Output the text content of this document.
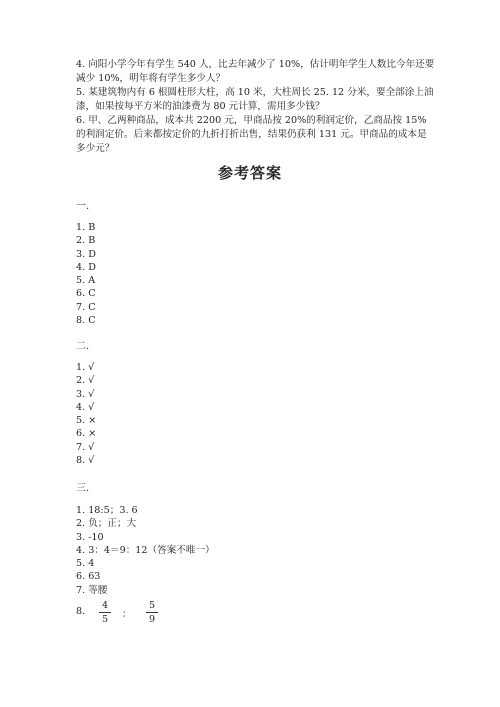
4. 向阳小学今年有学生 540 人，比去年减少了 10%，估计明年学生人数比今年还要减少 10%，明年将有学生多少人？

5. 某建筑物内有 6 根圆柱形大柱，高 10 米，大柱周长 25. 12 分米，要全部涂上油漆，如果按每平方米的油漆费为 80 元计算，需用多少钱？

6. 甲、乙两种商品，成本共 2200 元，甲商品按 20%的利润定价，乙商品按 15%的利润定价。后来都按定价的九折打折出售，结果仍获利 131 元。甲商品的成本是多少元？

参考答案
一.
1. B
2. B
3. D
4. D
5. A
6. C
7. C
8. C
二.
1. √
2. √
3. √
4. √
5. ×
6. ×
7. √
8. √
三.
1. 18:5；3. 6
2. 负；正；大
3. -10
4. 3：4＝9：12（答案不唯一）
5. 4
6. 63
7. 等腰
8.
4
5	：
5
9
